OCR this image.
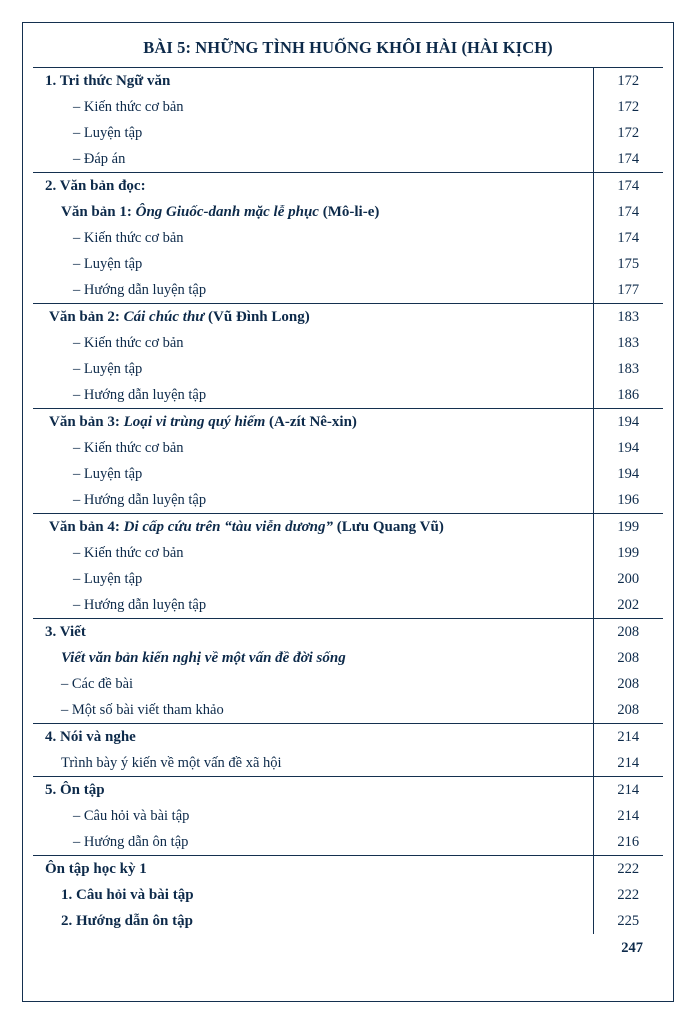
BÀI 5: NHỮNG TÌNH HUỐNG KHÔI HÀI (HÀI KỊCH)	
1. Tri thức Ngữ văn	172
– Kiến thức cơ bản	172
– Luyện tập	172
– Đáp án	174
2. Văn bản đọc:	174
Văn bản 1: Ông Giuốc-danh mặc lễ phục (Mô-li-e)	174
– Kiến thức cơ bản	174
– Luyện tập	175
– Hướng dẫn luyện tập	177
Văn bản 2: Cái chúc thư (Vũ Đình Long)	183
– Kiến thức cơ bản	183
– Luyện tập	183
– Hướng dẫn luyện tập	186
Văn bản 3: Loại vi trùng quý hiếm (A-zít Nê-xin)	194
– Kiến thức cơ bản	194
– Luyện tập	194
– Hướng dẫn luyện tập	196
Văn bản 4: Di cấp cứu trên “tàu viễn dương” (Lưu Quang Vũ)	199
– Kiến thức cơ bản	199
– Luyện tập	200
– Hướng dẫn luyện tập	202
3. Viết	208
Viết văn bản kiến nghị về một vấn đề đời sống	208
– Các đề bài	208
– Một số bài viết tham khảo	208
4. Nói và nghe	214
Trình bày ý kiến về một vấn đề xã hội	214
5. Ôn tập	214
– Câu hỏi và bài tập	214
– Hướng dẫn ôn tập	216
Ôn tập học kỳ 1	222
1. Câu hỏi và bài tập	222
2. Hướng dẫn ôn tập	225
247
